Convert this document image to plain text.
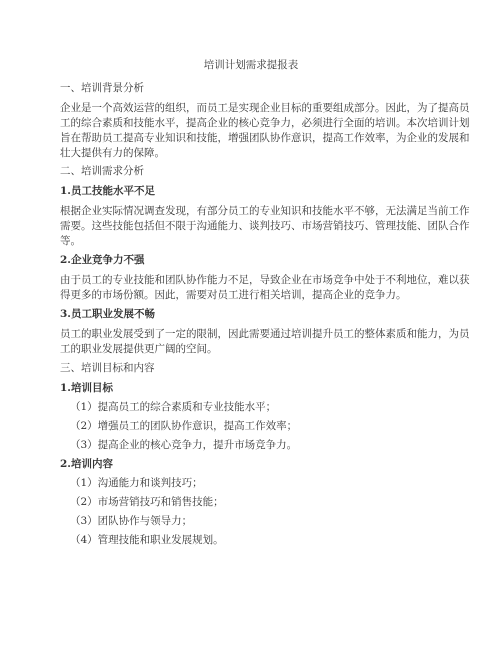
培训计划需求提报表
一、培训背景分析
企业是一个高效运营的组织，而员工是实现企业目标的重要组成部分。因此，为了提高员
工的综合素质和技能水平，提高企业的核心竞争力，必须进行全面的培训。本次培训计划
旨在帮助员工提高专业知识和技能，增强团队协作意识，提高工作效率，为企业的发展和
壮大提供有力的保障。
二、培训需求分析
1.员工技能水平不足
根据企业实际情况调查发现，有部分员工的专业知识和技能水平不够，无法满足当前工作
需要。这些技能包括但不限于沟通能力、谈判技巧、市场营销技巧、管理技能、团队合作
等。
2.企业竞争力不强
由于员工的专业技能和团队协作能力不足，导致企业在市场竞争中处于不利地位，难以获
得更多的市场份额。因此，需要对员工进行相关培训，提高企业的竞争力。
3.员工职业发展不畅
员工的职业发展受到了一定的限制，因此需要通过培训提升员工的整体素质和能力，为员
工的职业发展提供更广阔的空间。
三、培训目标和内容
1.培训目标
（1）提高员工的综合素质和专业技能水平；
（2）增强员工的团队协作意识，提高工作效率；
（3）提高企业的核心竞争力，提升市场竞争力。
2.培训内容
（1）沟通能力和谈判技巧；
（2）市场营销技巧和销售技能；
（3）团队协作与领导力；
（4）管理技能和职业发展规划。
